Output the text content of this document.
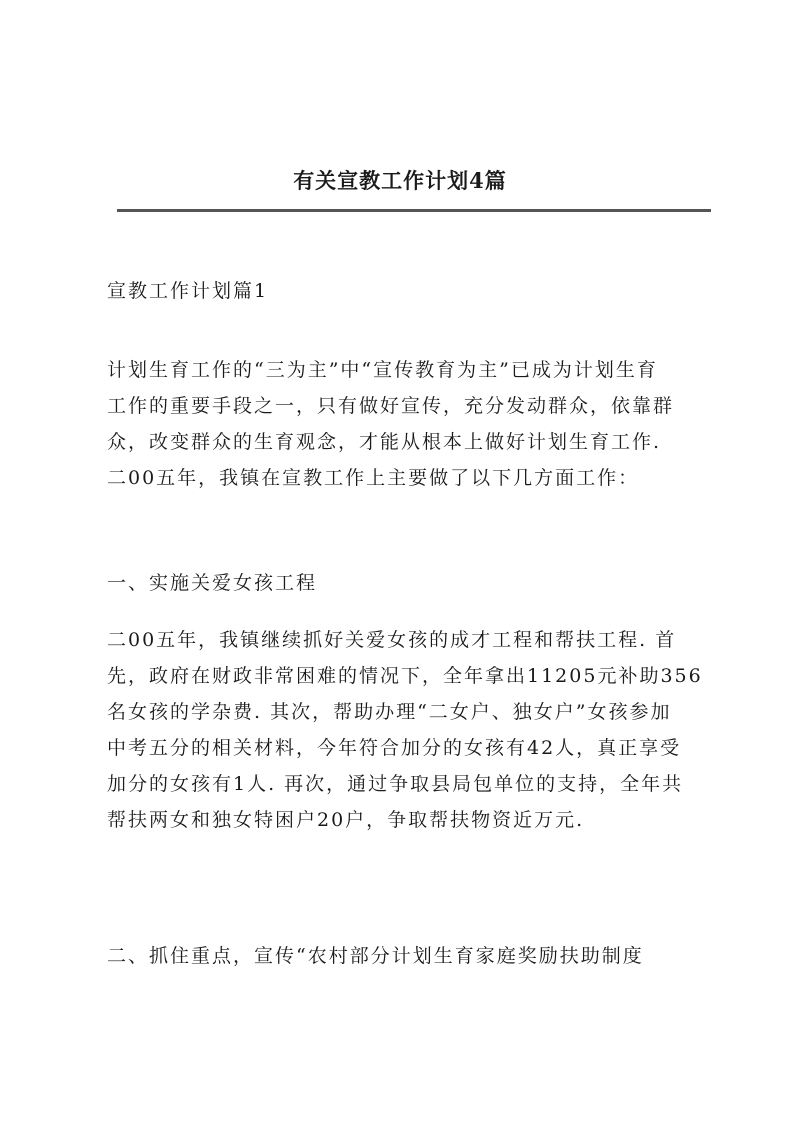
有关宣教工作计划4篇
宣教工作计划篇1
计划生育工作的“三为主”中“宣传教育为主”已成为计划生育
工作的重要手段之一，只有做好宣传，充分发动群众，依靠群
众，改变群众的生育观念，才能从根本上做好计划生育工作.
二00五年，我镇在宣教工作上主要做了以下几方面工作：
一、实施关爱女孩工程
二00五年，我镇继续抓好关爱女孩的成才工程和帮扶工程. 首
先，政府在财政非常困难的情况下，全年拿出11205元补助356
名女孩的学杂费. 其次，帮助办理“二女户、独女户”女孩参加
中考五分的相关材料，今年符合加分的女孩有42人，真正享受
加分的女孩有1人. 再次，通过争取县局包单位的支持，全年共
帮扶两女和独女特困户20户，争取帮扶物资近万元.
二、抓住重点，宣传“农村部分计划生育家庭奖励扶助制度
